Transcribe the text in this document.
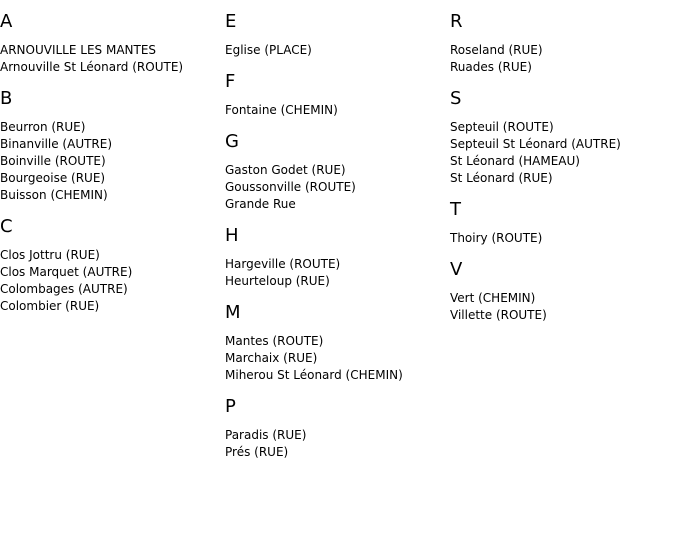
A
ARNOUVILLE LES MANTES
Arnouville St Léonard (ROUTE)
B
Beurron (RUE)
Binanville (AUTRE)
Boinville (ROUTE)
Bourgeoise (RUE)
Buisson (CHEMIN)
C
Clos Jottru (RUE)
Clos Marquet (AUTRE)
Colombages (AUTRE)
Colombier (RUE)
E
Eglise (PLACE)
F
Fontaine (CHEMIN)
G
Gaston Godet (RUE)
Goussonville (ROUTE)
Grande Rue
H
Hargeville (ROUTE)
Heurteloup (RUE)
M
Mantes (ROUTE)
Marchaix (RUE)
Miherou St Léonard (CHEMIN)
P
Paradis (RUE)
Prés (RUE)
R
Roseland (RUE)
Ruades (RUE)
S
Septeuil (ROUTE)
Septeuil St Léonard (AUTRE)
St Léonard (HAMEAU)
St Léonard (RUE)
T
Thoiry (ROUTE)
V
Vert (CHEMIN)
Villette (ROUTE)
